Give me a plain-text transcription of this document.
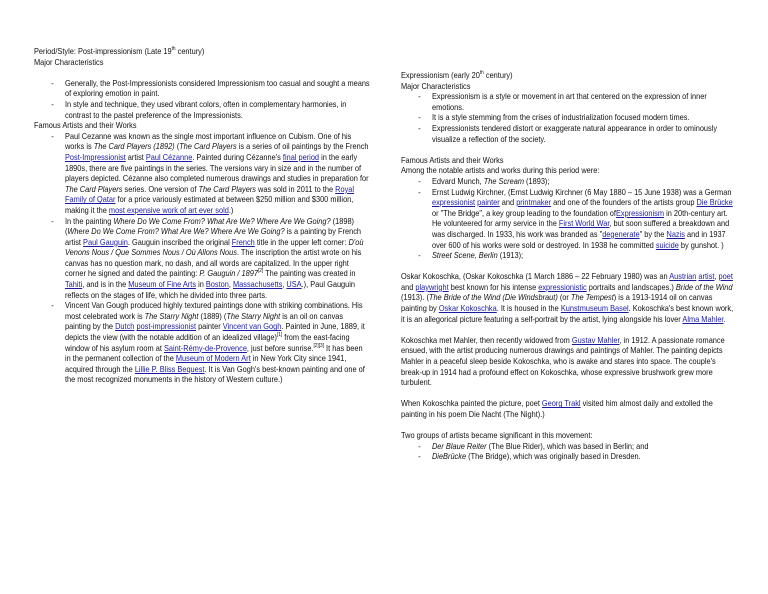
Period/Style: Post-impressionism (Late 19th century)

Major Characteristics

- Generally, the Post-Impressionists considered Impressionism too casual and sought a means of exploring emotion in paint.
- In style and technique, they used vibrant colors, often in complementary harmonies, in contrast to the pastel preference of the Impressionists.

Famous Artists and their Works

- Paul Cezanne was known as the single most important influence on Cubism. One of his works is The Card Players (1892) (The Card Players is a series of oil paintings by the French Post-Impressionist artist Paul Cézanne. Painted during Cézanne's final period in the early 1890s, there are five paintings in the series. The versions vary in size and in the number of players depicted. Cézanne also completed numerous drawings and studies in preparation for The Card Players series. One version of The Card Players was sold in 2011 to the Royal Family of Qatar for a price variously estimated at between $250 million and $300 million, making it the most expensive work of art ever sold.)
- In the painting Where Do We Come From? What Are We? Where Are We Going? (1898) (Where Do We Come From? What Are We? Where Are We Going? is a painting by French artist Paul Gauguin. Gauguin inscribed the original French title in the upper left corner: D'où Venons Nous / Que Sommes Nous / Où Allons Nous. The inscription the artist wrote on his canvas has no question mark, no dash, and all words are capitalized. In the upper right corner he signed and dated the painting: P. Gauguin / 1897[2] The painting was created in Tahiti, and is in the Museum of Fine Arts in Boston, Massachusetts, USA.), Paul Gauguin reflects on the stages of life, which he divided into three parts.
- Vincent Van Gough produced highly textured paintings done with striking combinations. His most celebrated work is The Starry Night (1889) (The Starry Night is an oil on canvas painting by the Dutch post-impressionist painter Vincent van Gogh. Painted in June, 1889, it depicts the view (with the notable addition of an idealized village)[1] from the east-facing window of his asylum room at Saint-Rémy-de-Provence, just before sunrise.[2][3] It has been in the permanent collection of the Museum of Modern Art in New York City since 1941, acquired through the Lillie P. Bliss Bequest. It is Van Gogh's best-known painting and one of the most recognized monuments in the history of Western culture.)

Expressionism (early 20th century)

Major Characteristics

- Expressionism is a style or movement in art that centered on the expression of inner emotions.
- It is a style stemming from the crises of industrialization focused modern times.
- Expressionists tendered distort or exaggerate natural appearance in order to ominously visualize a reflection of the society.

Famous Artists and their Works

Among the notable artists and works during this period were:

- Edvard Munch, The Scream (1893);
- Ernst Ludwig Kirchner, (Ernst Ludwig Kirchner (6 May 1880 – 15 June 1938) was a German expressionist painter and printmaker and one of the founders of the artists group Die Brücke or "The Bridge", a key group leading to the foundation ofExpressionism in 20th-century art. He volunteered for army service in the First World War, but soon suffered a breakdown and was discharged. In 1933, his work was branded as "degenerate" by the Nazis and in 1937 over 600 of his works were sold or destroyed. In 1938 he committed suicide by gunshot. )
- Street Scene, Berlin (1913);

Oskar Kokoschka, (Oskar Kokoschka (1 March 1886 – 22 February 1980) was an Austrian artist, poet and playwright best known for his intense expressionistic portraits and landscapes.) Bride of the Wind (1913). (The Bride of the Wind (Die Windsbraut) (or The Tempest) is a 1913-1914 oil on canvas painting by Oskar Kokoschka. It is housed in the Kunstmuseum Basel. Kokoschka's best known work, it is an allegorical picture featuring a self-portrait by the artist, lying alongside his lover Alma Mahler.

Kokoschka met Mahler, then recently widowed from Gustav Mahler, in 1912. A passionate romance ensued, with the artist producing numerous drawings and paintings of Mahler. The painting depicts Mahler in a peaceful sleep beside Kokoschka, who is awake and stares into space. The couple's break-up in 1914 had a profound effect on Kokoschka, whose expressive brushwork grew more turbulent.

When Kokoschka painted the picture, poet Georg Trakl visited him almost daily and extolled the painting in his poem Die Nacht (The Night).)

Two groups of artists became significant in this movement:

- Der Blaue Reiter (The Blue Rider), which was based in Berlin; and
- DieBrücke (The Bridge), which was originally based in Dresden.
